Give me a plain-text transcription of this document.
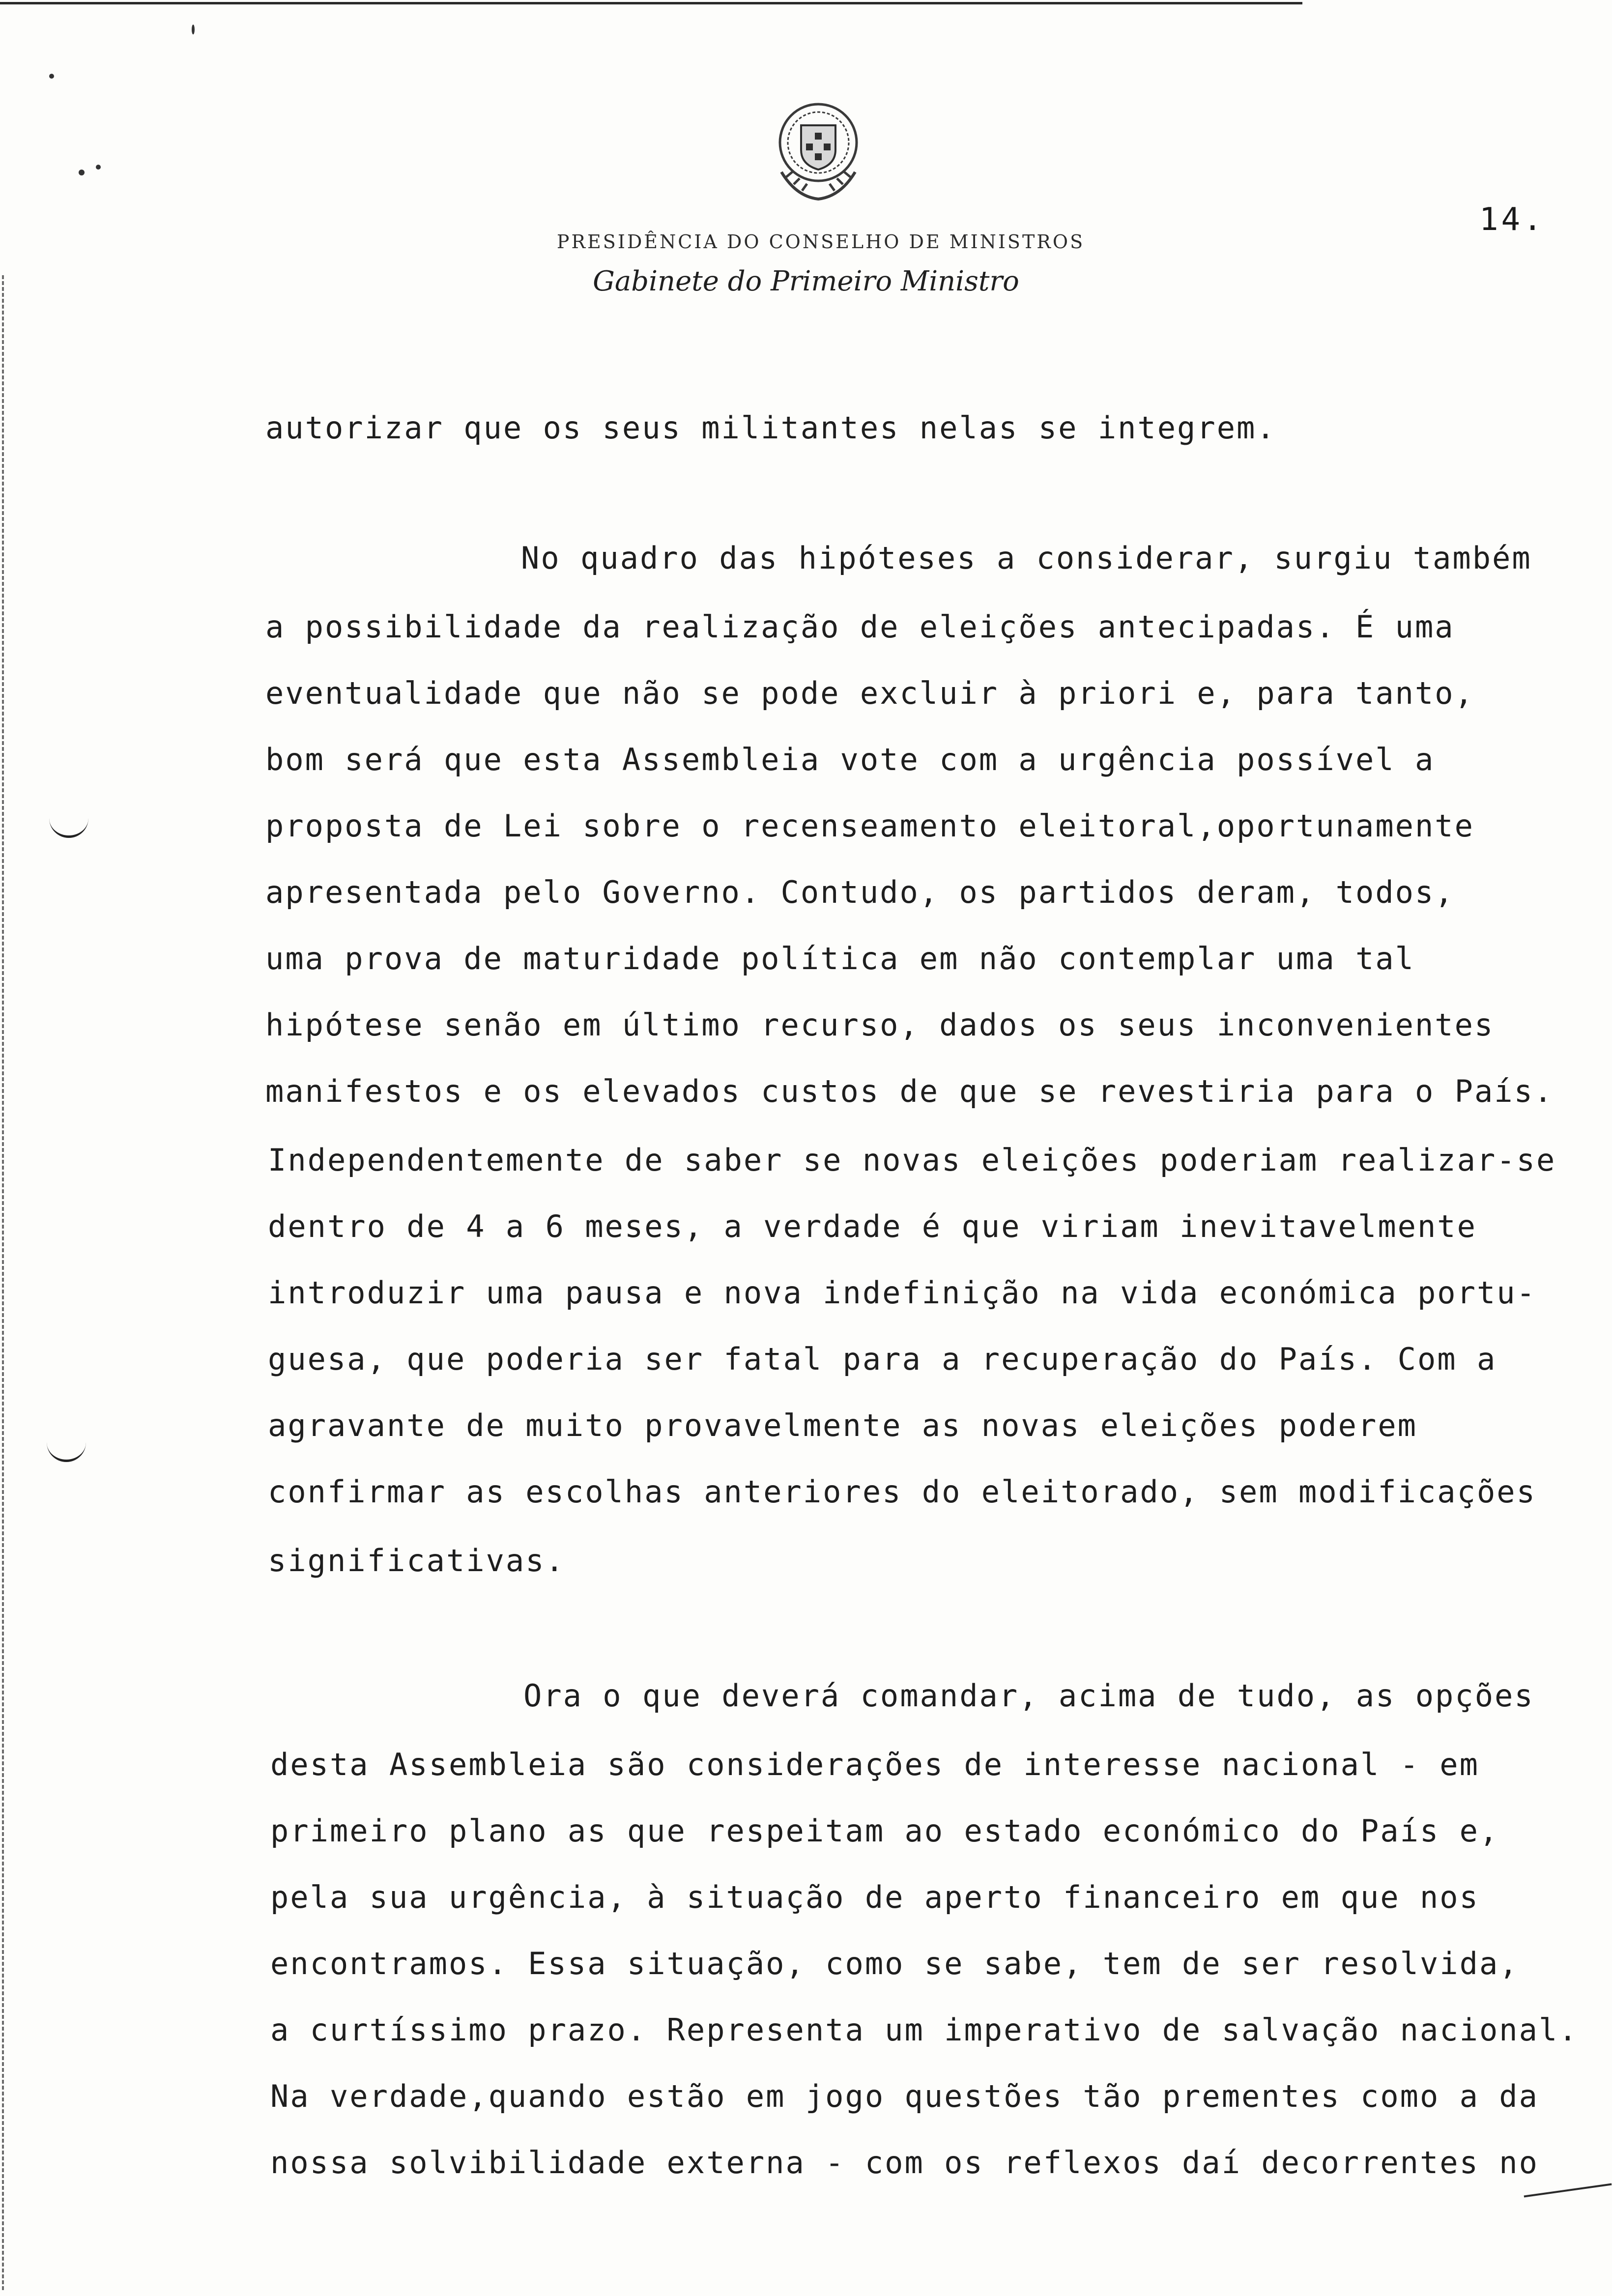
PRESIDÊNCIA DO CONSELHO DE MINISTROS
Gabinete do Primeiro Ministro
14.
autorizar que os seus militantes nelas se integrem.
No quadro das hipóteses a considerar, surgiu também
a possibilidade da realização de eleições antecipadas. É uma
eventualidade que não se pode excluir à priori e, para tanto,
bom será que esta Assembleia vote com a urgência possível a
proposta de Lei sobre o recenseamento eleitoral,oportunamente
apresentada pelo Governo. Contudo, os partidos deram, todos,
uma prova de maturidade política em não contemplar uma tal
hipótese senão em último recurso, dados os seus inconvenientes
manifestos e os elevados custos de que se revestiria para o País.
Independentemente de saber se novas eleições poderiam realizar-se
dentro de 4 a 6 meses, a verdade é que viriam inevitavelmente
introduzir uma pausa e nova indefinição na vida económica portu-
guesa, que poderia ser fatal para a recuperação do País. Com a
agravante de muito provavelmente as novas eleições poderem
confirmar as escolhas anteriores do eleitorado, sem modificações
significativas.
Ora o que deverá comandar, acima de tudo, as opções
desta Assembleia são considerações de interesse nacional - em
primeiro plano as que respeitam ao estado económico do País e,
pela sua urgência, à situação de aperto financeiro em que nos
encontramos. Essa situação, como se sabe, tem de ser resolvida,
a curtíssimo prazo. Representa um imperativo de salvação nacional.
Na verdade,quando estão em jogo questões tão prementes como a da
nossa solvibilidade externa - com os reflexos daí decorrentes no
